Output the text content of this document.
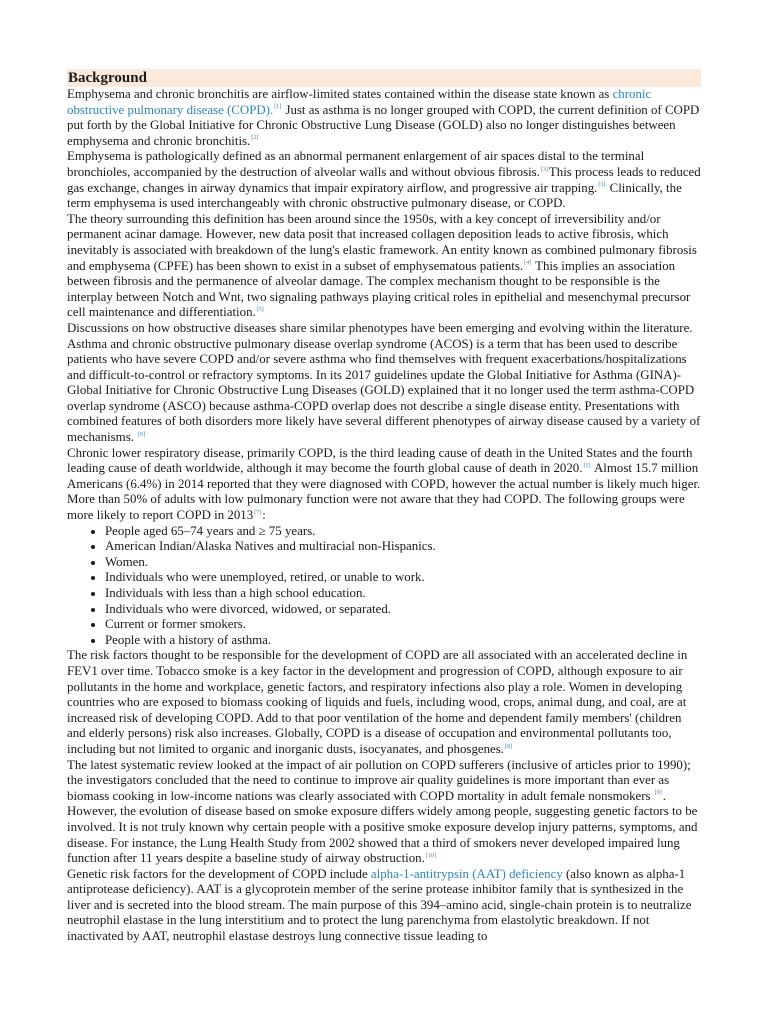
Background

Emphysema and chronic bronchitis are airflow-limited states contained within the disease state known as chronic obstructive pulmonary disease (COPD).[1] Just as asthma is no longer grouped with COPD, the current definition of COPD put forth by the Global Initiative for Chronic Obstructive Lung Disease (GOLD) also no longer distinguishes between emphysema and chronic bronchitis.[2]

Emphysema is pathologically defined as an abnormal permanent enlargement of air spaces distal to the terminal bronchioles, accompanied by the destruction of alveolar walls and without obvious fibrosis.[3]This process leads to reduced gas exchange, changes in airway dynamics that impair expiratory airflow, and progressive air trapping.[3] Clinically, the term emphysema is used interchangeably with chronic obstructive pulmonary disease, or COPD.

The theory surrounding this definition has been around since the 1950s, with a key concept of irreversibility and/or permanent acinar damage. However, new data posit that increased collagen deposition leads to active fibrosis, which inevitably is associated with breakdown of the lung's elastic framework. An entity known as combined pulmonary fibrosis and emphysema (CPFE) has been shown to exist in a subset of emphysematous patients.[4] This implies an association between fibrosis and the permanence of alveolar damage. The complex mechanism thought to be responsible is the interplay between Notch and Wnt, two signaling pathways playing critical roles in epithelial and mesenchymal precursor cell maintenance and differentiation.[5]

Discussions on how obstructive diseases share similar phenotypes have been emerging and evolving within the literature. Asthma and chronic obstructive pulmonary disease overlap syndrome (ACOS) is a term that has been used to describe patients who have severe COPD and/or severe asthma who find themselves with frequent exacerbations/hospitalizations and difficult-to-control or refractory symptoms. In its 2017 guidelines update the Global Initiative for Asthma (GINA)-Global Initiative for Chronic Obstructive Lung Diseases (GOLD) explained that it no longer used the term asthma-COPD overlap syndrome (ASCO) because asthma-COPD overlap does not describe a single disease entity. Presentations with combined features of both disorders more likely have several different phenotypes of airway disease caused by a variety of mechanisms. [6]

Chronic lower respiratory disease, primarily COPD, is the third leading cause of death in the United States and the fourth leading cause of death worldwide, although it may become the fourth global cause of death in 2020.[1] Almost 15.7 million Americans (6.4%) in 2014 reported that they were diagnosed with COPD, however the actual number is likely much higer. More than 50% of adults with low pulmonary function were not aware that they had COPD. The following groups were more likely to report COPD in 2013[7]:

• People aged 65–74 years and ≥ 75 years.
• American Indian/Alaska Natives and multiracial non-Hispanics.
• Women.
• Individuals who were unemployed, retired, or unable to work.
• Individuals with less than a high school education.
• Individuals who were divorced, widowed, or separated.
• Current or former smokers.
• People with a history of asthma.

The risk factors thought to be responsible for the development of COPD are all associated with an accelerated decline in FEV1 over time. Tobacco smoke is a key factor in the development and progression of COPD, although exposure to air pollutants in the home and workplace, genetic factors, and respiratory infections also play a role. Women in developing countries who are exposed to biomass cooking of liquids and fuels, including wood, crops, animal dung, and coal, are at increased risk of developing COPD. Add to that poor ventilation of the home and dependent family members' (children and elderly persons) risk also increases. Globally, COPD is a disease of occupation and environmental pollutants too, including but not limited to organic and inorganic dusts, isocyanates, and phosgenes.[8]

The latest systematic review looked at the impact of air pollution on COPD sufferers (inclusive of articles prior to 1990); the investigators concluded that the need to continue to improve air quality guidelines is more important than ever as biomass cooking in low-income nations was clearly associated with COPD mortality in adult female nonsmokers [9].

However, the evolution of disease based on smoke exposure differs widely among people, suggesting genetic factors to be involved. It is not truly known why certain people with a positive smoke exposure develop injury patterns, symptoms, and disease. For instance, the Lung Health Study from 2002 showed that a third of smokers never developed impaired lung function after 11 years despite a baseline study of airway obstruction.[10]

Genetic risk factors for the development of COPD include alpha-1-antitrypsin (AAT) deficiency (also known as alpha-1 antiprotease deficiency). AAT is a glycoprotein member of the serine protease inhibitor family that is synthesized in the liver and is secreted into the blood stream. The main purpose of this 394–amino acid, single-chain protein is to neutralize neutrophil elastase in the lung interstitium and to protect the lung parenchyma from elastolytic breakdown. If not inactivated by AAT, neutrophil elastase destroys lung connective tissue leading to
